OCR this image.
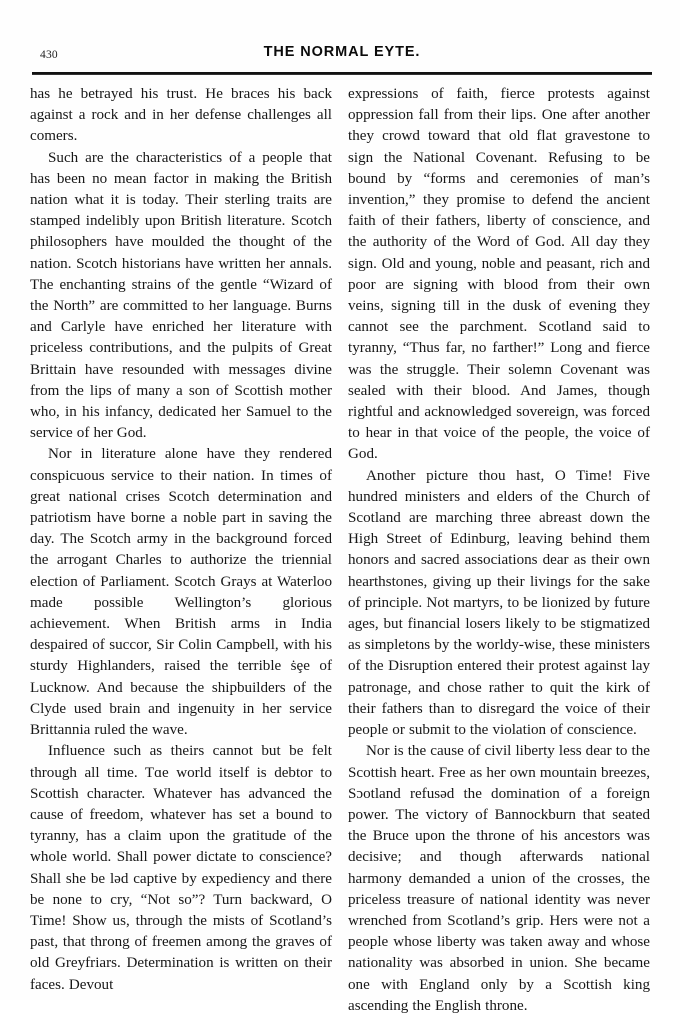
430	THE NORMAL EYTE.

has he betrayed his trust. He braces his back against a rock and in her defense challenges all comers.

Such are the characteristics of a people that has been no mean factor in making the British nation what it is today. Their sterling traits are stamped indelibly upon British literature. Scotch philosophers have moulded the thought of the nation. Scotch historians have written her annals. The enchanting strains of the gentle “Wizard of the North” are committed to her language. Burns and Carlyle have enriched her literature with priceless contributions, and the pulpits of Great Brittain have resounded with messages divine from the lips of many a son of Scottish mother who, in his infancy, dedicated her Samuel to the service of her God.

Nor in literature alone have they rendered conspicuous service to their nation. In times of great national crises Scotch determination and patriotism have borne a noble part in saving the day. The Scotch army in the background forced the arrogant Charles to authorize the triennial election of Parliament. Scotch Grays at Waterloo made possible Wellington’s glorious achievement. When British arms in India despaired of succor, Sir Colin Campbell, with his sturdy Highlanders, raised the terrible ṡȩe of Lucknow. And because the shipbuilders of the Clyde used brain and ingenuity in her service Brittannia ruled the wave.

Influence such as theirs cannot but be felt through all time. Tɑe world itself is debtor to Scottish character. Whatever has advanced the cause of freedom, whatever has set a bound to tyranny, has a claim upon the gratitude of the whole world. Shall power dictate to conscience? Shall she be lǝd captive by expediency and there be none to cry, “Not so”? Turn backward, O Time! Show us, through the mists of Scotland’s past, that throng of freemen among the graves of old Greyfriars. Determination is written on their faces. Devout

expressions of faith, fierce protests against oppression fall from their lips. One after another they crowd toward that old flat gravestone to sign the National Covenant. Refusing to be bound by “forms and ceremonies of man’s invention,” they promise to defend the ancient faith of their fathers, liberty of conscience, and the authority of the Word of God. All day they sign. Old and young, noble and peasant, rich and poor are signing with blood from their own veins, signing till in the dusk of evening they cannot see the parchment. Scotland said to tyranny, “Thus far, no farther!” Long and fierce was the struggle. Their solemn Covenant was sealed with their blood. And James, though rightful and acknowledged sovereign, was forced to hear in that voice of the people, the voice of God.

Another picture thou hast, O Time! Five hundred ministers and elders of the Church of Scotland are marching three abreast down the High Street of Edinburg, leaving behind them honors and sacred associations dear as their own hearthstones, giving up their livings for the sake of principle. Not martyrs, to be lionized by future ages, but financial losers likely to be stigmatized as simpletons by the worldy-wise, these ministers of the Disruption entered their protest against lay patronage, and chose rather to quit the kirk of their fathers than to disregard the voice of their people or submit to the violation of conscience.

Nor is the cause of civil liberty less dear to the Scottish heart. Free as her own mountain breezes, Sɔotland refusǝd the domination of a foreign power. The victory of Bannockburn that seated the Bruce upon the throne of his ancestors was decisive; and though afterwards national harmony demanded a union of the crosses, the priceless treasure of national identity was never wrenched from Scotland’s grip. Hers were not a people whose liberty was taken away and whose nationality was absorbed in union. She became one with England only by a Scottish king ascending the English throne.
